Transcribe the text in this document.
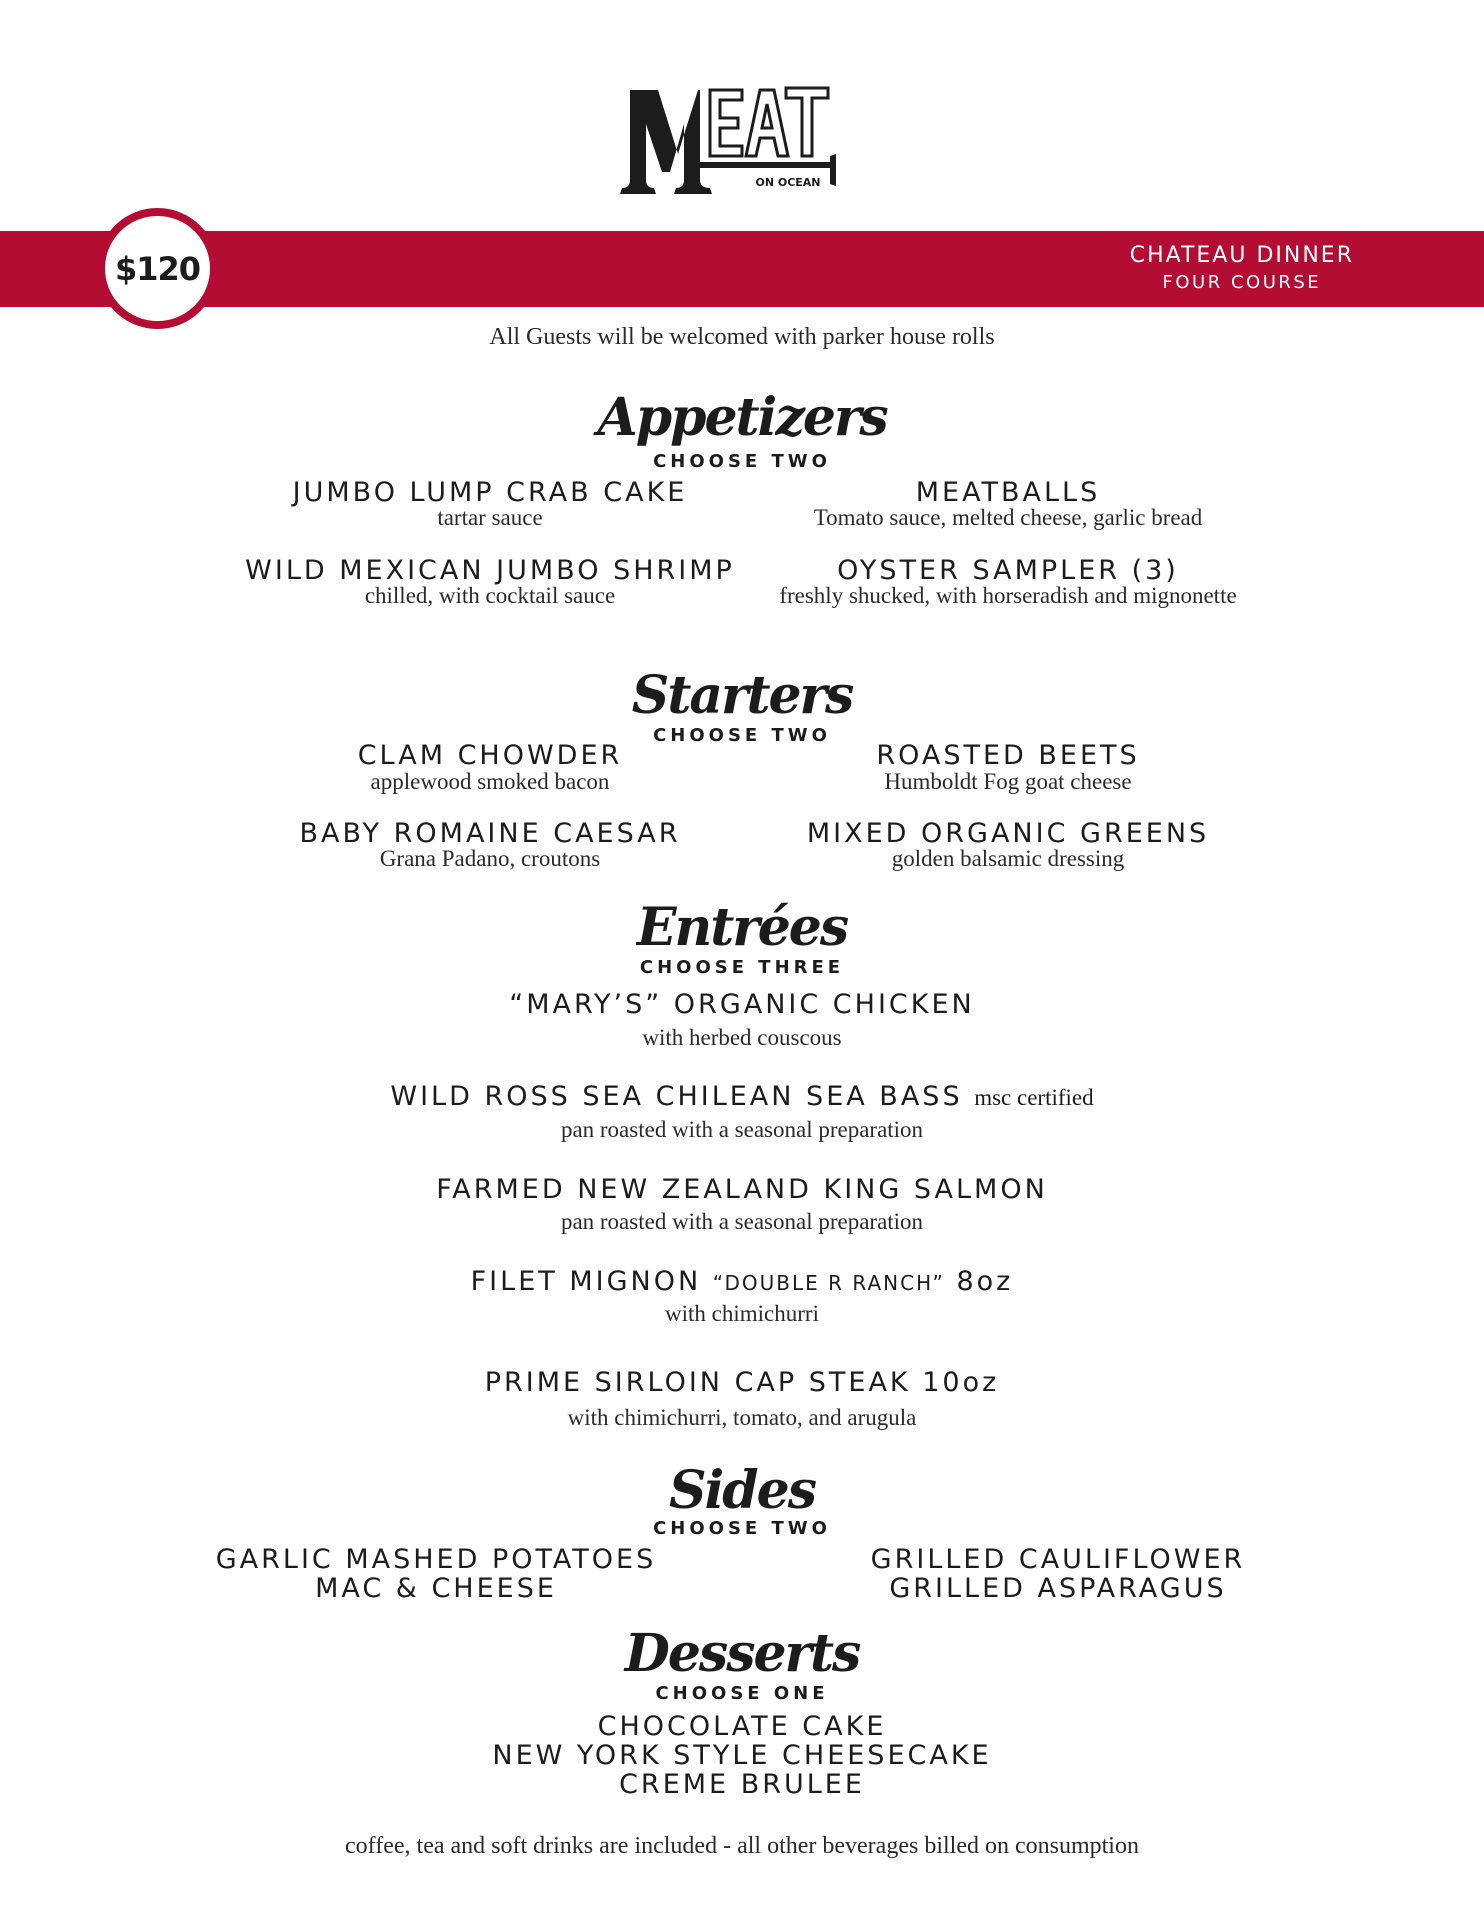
ON OCEAN
$120	CHATEAU DINNER
FOUR COURSE
All Guests will be welcomed with parker house rolls
Appetizers
CHOOSE TWO
JUMBO LUMP CRAB CAKE
tartar sauce
MEATBALLS
Tomato sauce, melted cheese, garlic bread
WILD MEXICAN JUMBO SHRIMP
chilled, with cocktail sauce
OYSTER SAMPLER (3)
freshly shucked, with horseradish and mignonette
Starters
CHOOSE TWO
CLAM CHOWDER
applewood smoked bacon
ROASTED BEETS
Humboldt Fog goat cheese
BABY ROMAINE CAESAR
Grana Padano, croutons
MIXED ORGANIC GREENS
golden balsamic dressing
Entrées
CHOOSE THREE
“MARY’S” ORGANIC CHICKEN
with herbed couscous
WILD ROSS SEA CHILEAN SEA BASS msc certified
pan roasted with a seasonal preparation
FARMED NEW ZEALAND KING SALMON
pan roasted with a seasonal preparation
FILET MIGNON “DOUBLE R RANCH” 8oz
with chimichurri
PRIME SIRLOIN CAP STEAK 10oz
with chimichurri, tomato, and arugula
Sides
CHOOSE TWO
GARLIC MASHED POTATOES
MAC & CHEESE
GRILLED CAULIFLOWER
GRILLED ASPARAGUS
Desserts
CHOOSE ONE
CHOCOLATE CAKE
NEW YORK STYLE CHEESECAKE
CREME BRULEE
coffee, tea and soft drinks are included - all other beverages billed on consumption
